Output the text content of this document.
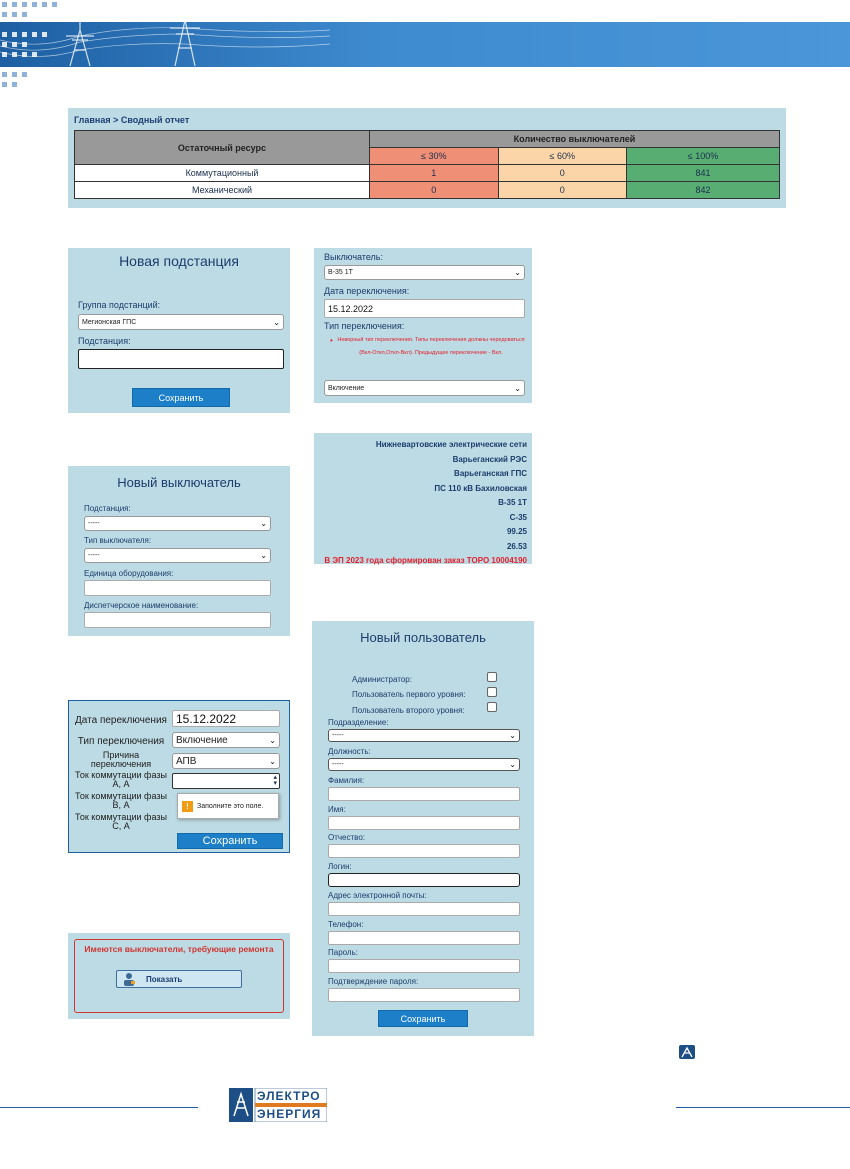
Главная > Сводный отчет
Остаточный ресурс	Количество выключателей		
	≤ 30%	≤ 60%	≤ 100%
Коммутационный	1	0	841
Механический	0	0	842
Новая подстанция
Группа подстанций:
Мегионская ГПС	⌄
Подстанция:
Сохранить
Выключатель:
В-35 1Т	⌄
Дата переключения:
15.12.2022
Тип переключения:
• Неверный тип переключения. Типы переключения должны чередоваться (Вкл-Откл,Откл-Вкл). Предыдущее переключение - Вкл.
Включение	⌄
Нижневартовские электрические сети
Варьеганский РЭС
Варьеганская ГПС
ПС 110 кВ Бахиловская
В-35 1Т
С-35
99.25
26.53
В ЭП 2023 года сформирован заказ ТОРО 10004190
Новый выключатель
Подстанция:
-----	⌄
Тип выключателя:
-----	⌄
Единица оборудования:
Диспетчерское наименование:
Дата переключения 15.12.2022
Тип переключения	Включение	⌄
Причина переключения	АПВ	⌄
Ток коммутации фазы А, А
▴
▾
Ток коммутации фазы В, А
Ток коммутации фазы С, А
!	Заполните это поле.
Сохранить
Имеются выключатели, требующие ремонта
Показать
Новый пользователь
Администратор:
Пользователь первого уровня:
Пользователь второго уровня:
Подразделение:
-----	⌄
Должность:
-----	⌄
Фамилия:
Имя:
Отчество:
Логин:
Адрес электронной почты:
Телефон:
Пароль:
Подтверждение пароля:
Сохранить
ЭЛЕКТРО
ЭНЕРГИЯ
